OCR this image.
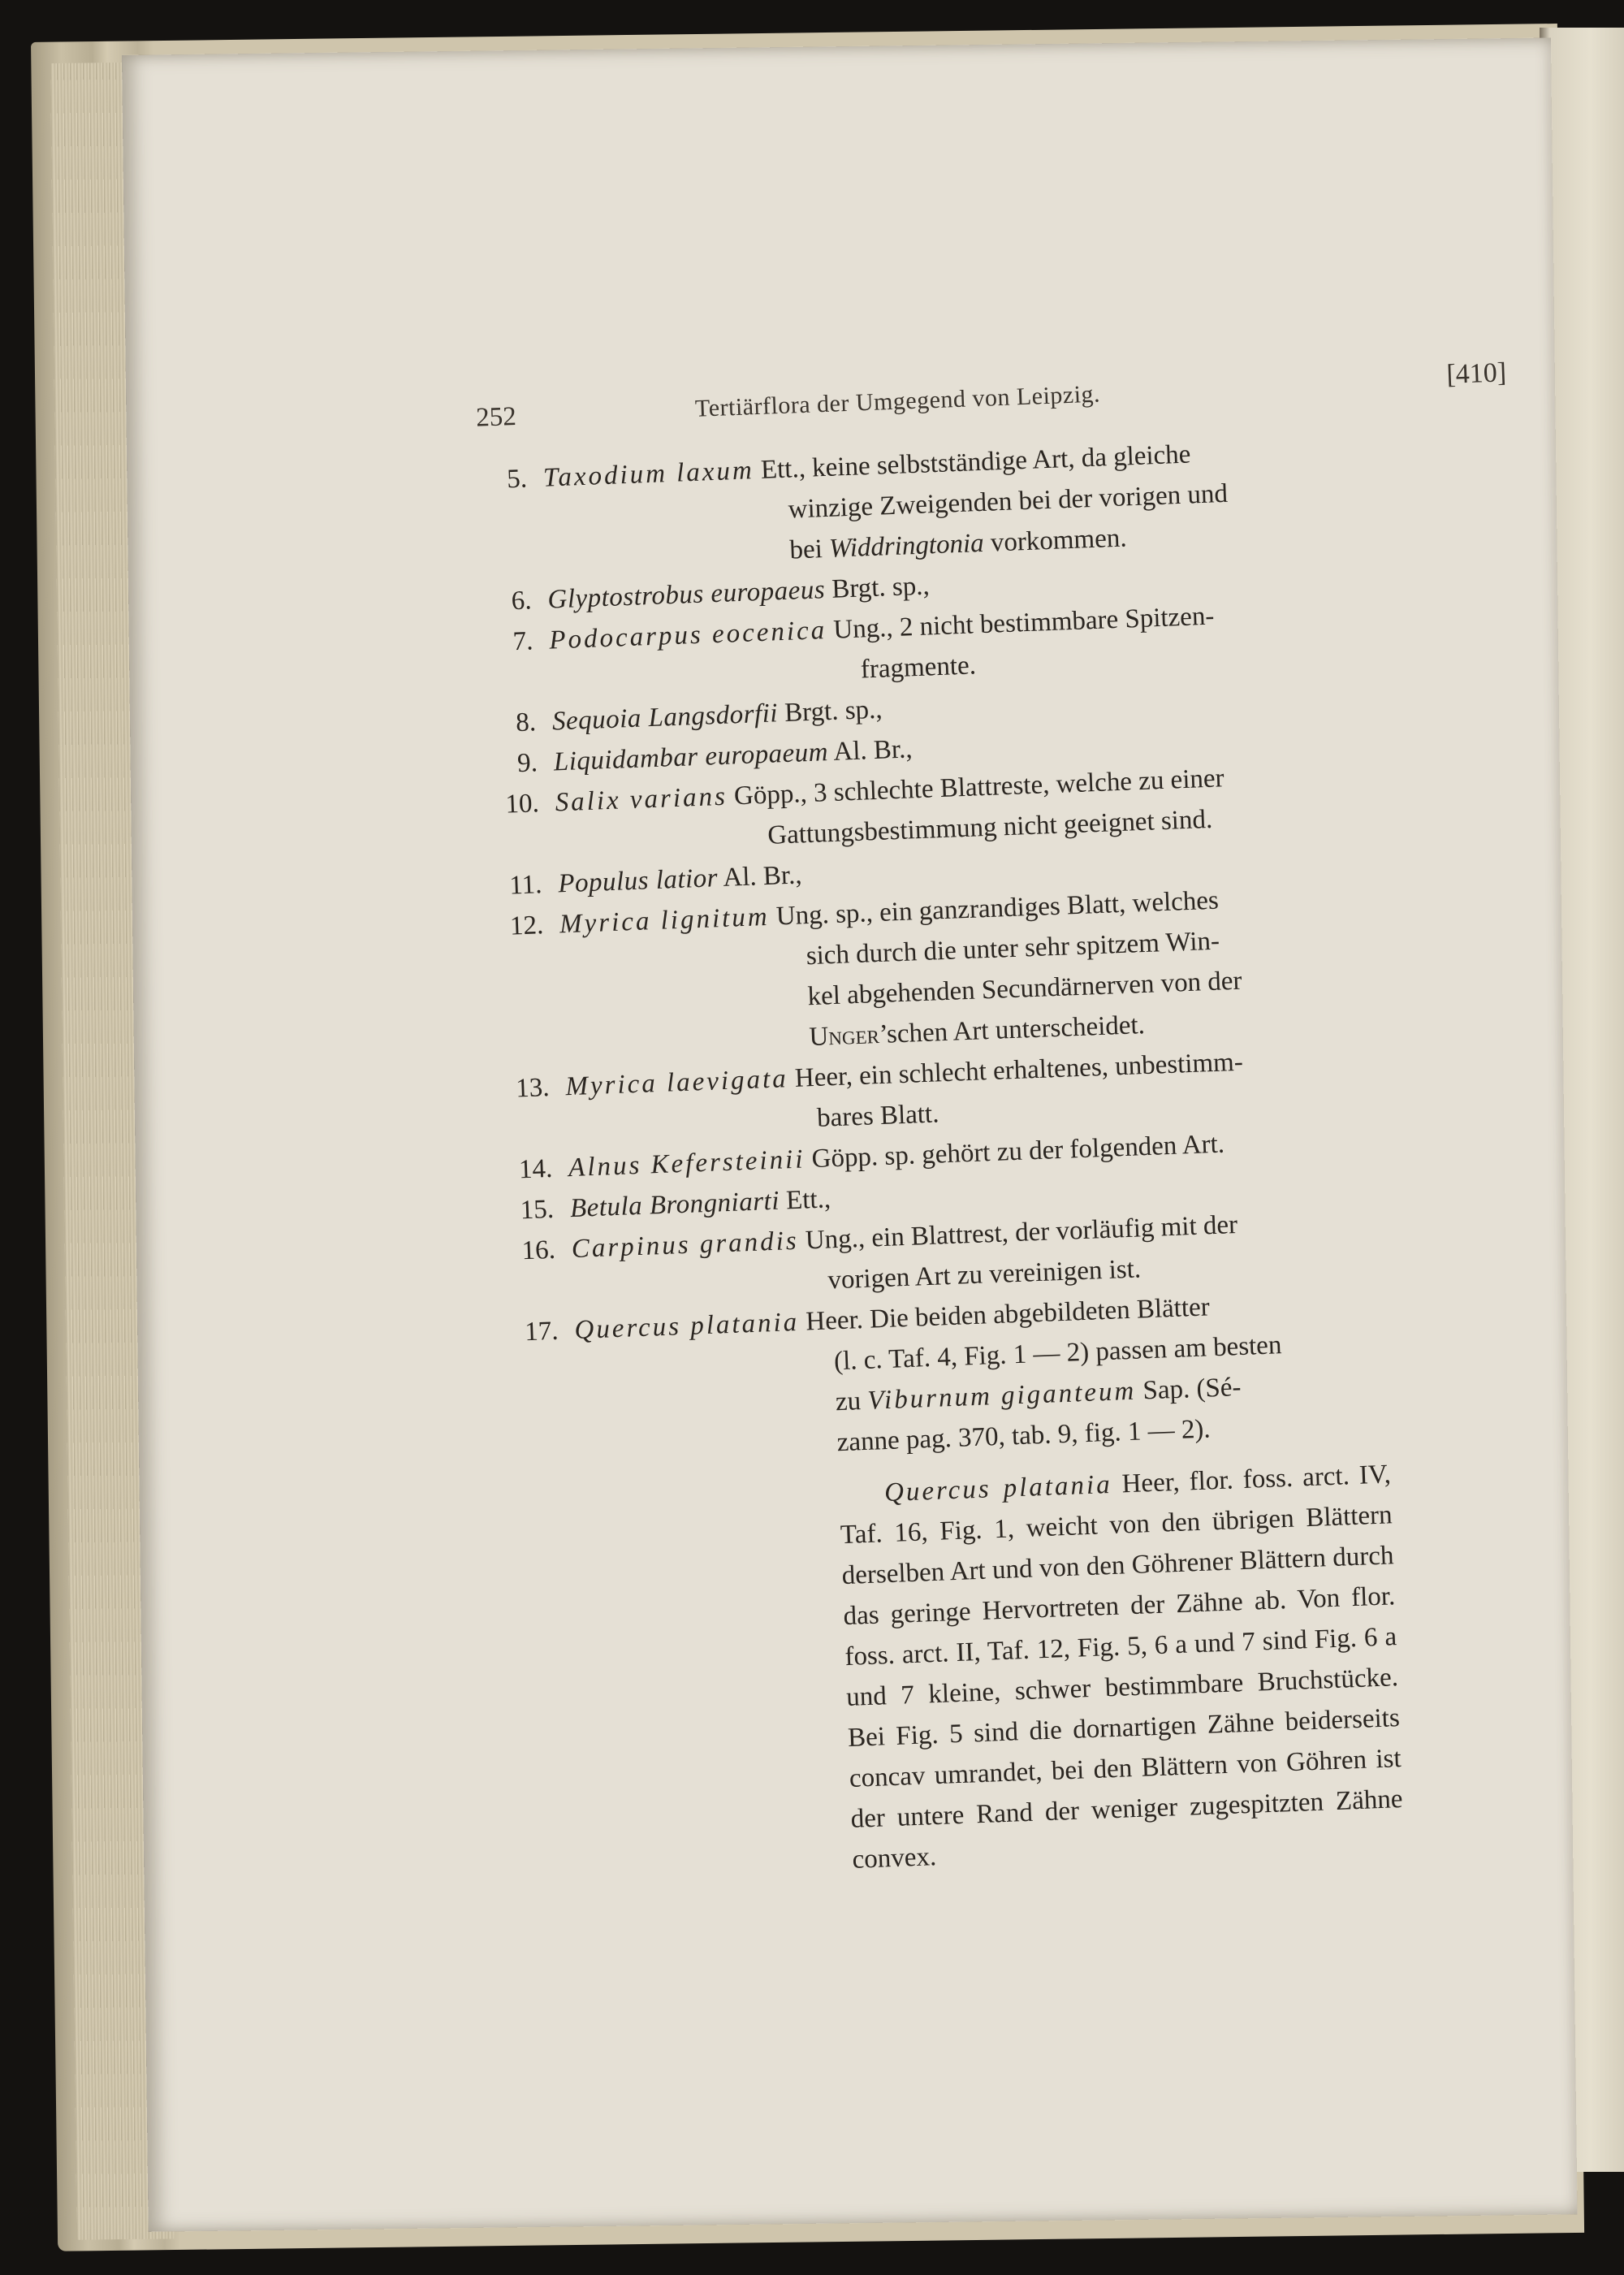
252	Tertiärflora der Umgegend von Leipzig.
[410]
5. Taxodium laxum Ett., keine selbstständige Art, da gleiche
winzige Zweigenden bei der vorigen und
bei Widdringtonia vorkommen.
6. Glyptostrobus europaeus Brgt. sp.,
7. Podocarpus eocenica Ung., 2 nicht bestimmbare Spitzen-
fragmente.
8. Sequoia Langsdorfii Brgt. sp.,
9. Liquidambar europaeum Al. Br.,
10. Salix varians Göpp., 3 schlechte Blattreste, welche zu einer
Gattungsbestimmung nicht geeignet sind.
11. Populus latior Al. Br.,
12. Myrica lignitum Ung. sp., ein ganzrandiges Blatt, welches
sich durch die unter sehr spitzem Win-
kel abgehenden Secundärnerven von der
Unger’schen Art unterscheidet.
13. Myrica laevigata Heer, ein schlecht erhaltenes, unbestimm-
bares Blatt.
14. Alnus Kefersteinii Göpp. sp. gehört zu der folgenden Art.
15. Betula Brongniarti Ett.,
16. Carpinus grandis Ung., ein Blattrest, der vorläufig mit der
vorigen Art zu vereinigen ist.
17. Quercus platania Heer. Die beiden abgebildeten Blätter
(l. c. Taf. 4, Fig. 1 — 2) passen am besten
zu Viburnum giganteum Sap. (Sé-
zanne pag. 370, tab. 9, fig. 1 — 2).
Quercus platania Heer, flor. foss. arct. IV, Taf. 16, Fig. 1, weicht von den übrigen Blättern derselben Art und von den Göhrener Blättern durch das geringe Hervortreten der Zähne ab. Von flor. foss. arct. II, Taf. 12, Fig. 5, 6 a und 7 sind Fig. 6 a und 7 kleine, schwer bestimmbare Bruchstücke. Bei Fig. 5 sind die dornartigen Zähne beiderseits concav umrandet, bei den Blättern von Göhren ist der untere Rand der weniger zugespitzten Zähne convex.
